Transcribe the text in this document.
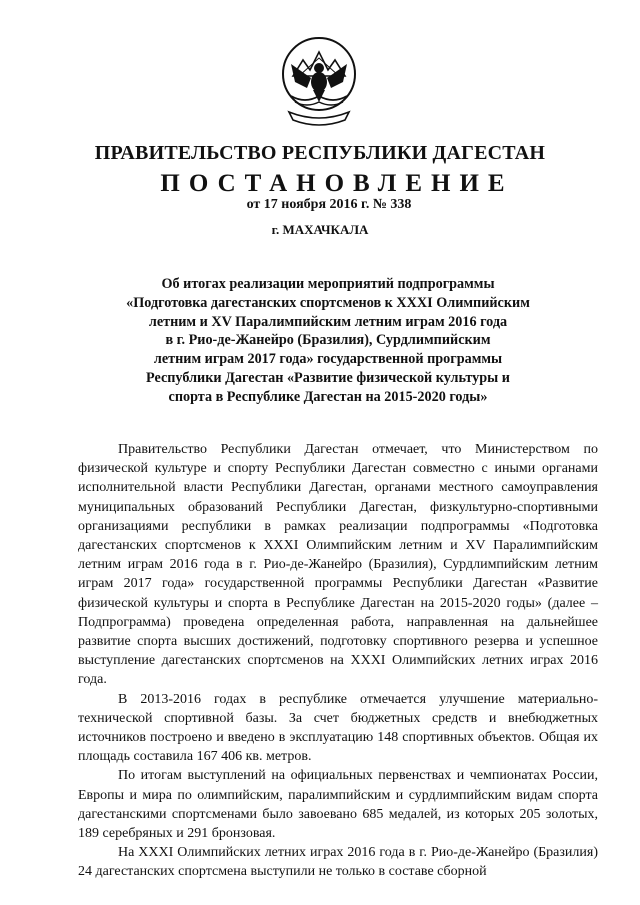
ПРАВИТЕЛЬСТВО РЕСПУБЛИКИ ДАГЕСТАН
ПОСТАНОВЛЕНИЕ
от 17 ноября 2016 г. № 338
г. МАХАЧКАЛА
Об итогах реализации мероприятий подпрограммы
«Подготовка дагестанских спортсменов к XXXI Олимпийским
летним и XV Паралимпийским летним играм 2016 года
в г. Рио-де-Жанейро (Бразилия), Сурдлимпийским
летним играм 2017 года» государственной программы
Республики Дагестан «Развитие физической культуры и
спорта в Республике Дагестан на 2015-2020 годы»

Правительство Республики Дагестан отмечает, что Министерством по физической культуре и спорту Республики Дагестан совместно с иными органами исполнительной власти Республики Дагестан, органами местного самоуправления муниципальных образований Республики Дагестан, физкультурно-спортивными организациями республики в рамках реализации подпрограммы «Подготовка дагестанских спортсменов к XXXI Олимпийским летним и XV Паралимпийским летним играм 2016 года в г. Рио-де-Жанейро (Бразилия), Сурдлимпийским летним играм 2017 года» государственной программы Республики Дагестан «Развитие физической культуры и спорта в Республике Дагестан на 2015-2020 годы» (далее – Подпрограмма) проведена определенная работа, направленная на дальнейшее развитие спорта высших достижений, подготовку спортивного резерва и успешное выступление дагестанских спортсменов на XXXI Олимпийских летних играх 2016 года.

В 2013-2016 годах в республике отмечается улучшение материально-технической спортивной базы. За счет бюджетных средств и внебюджетных источников построено и введено в эксплуатацию 148 спортивных объектов. Общая их площадь составила 167 406 кв. метров.

По итогам выступлений на официальных первенствах и чемпионатах России, Европы и мира по олимпийским, паралимпийским и сурдлимпийским видам спорта дагестанскими спортсменами было завоевано 685 медалей, из которых 205 золотых, 189 серебряных и 291 бронзовая.

На XXXI Олимпийских летних играх 2016 года в г. Рио-де-Жанейро (Бразилия) 24 дагестанских спортсмена выступили не только в составе сборной
